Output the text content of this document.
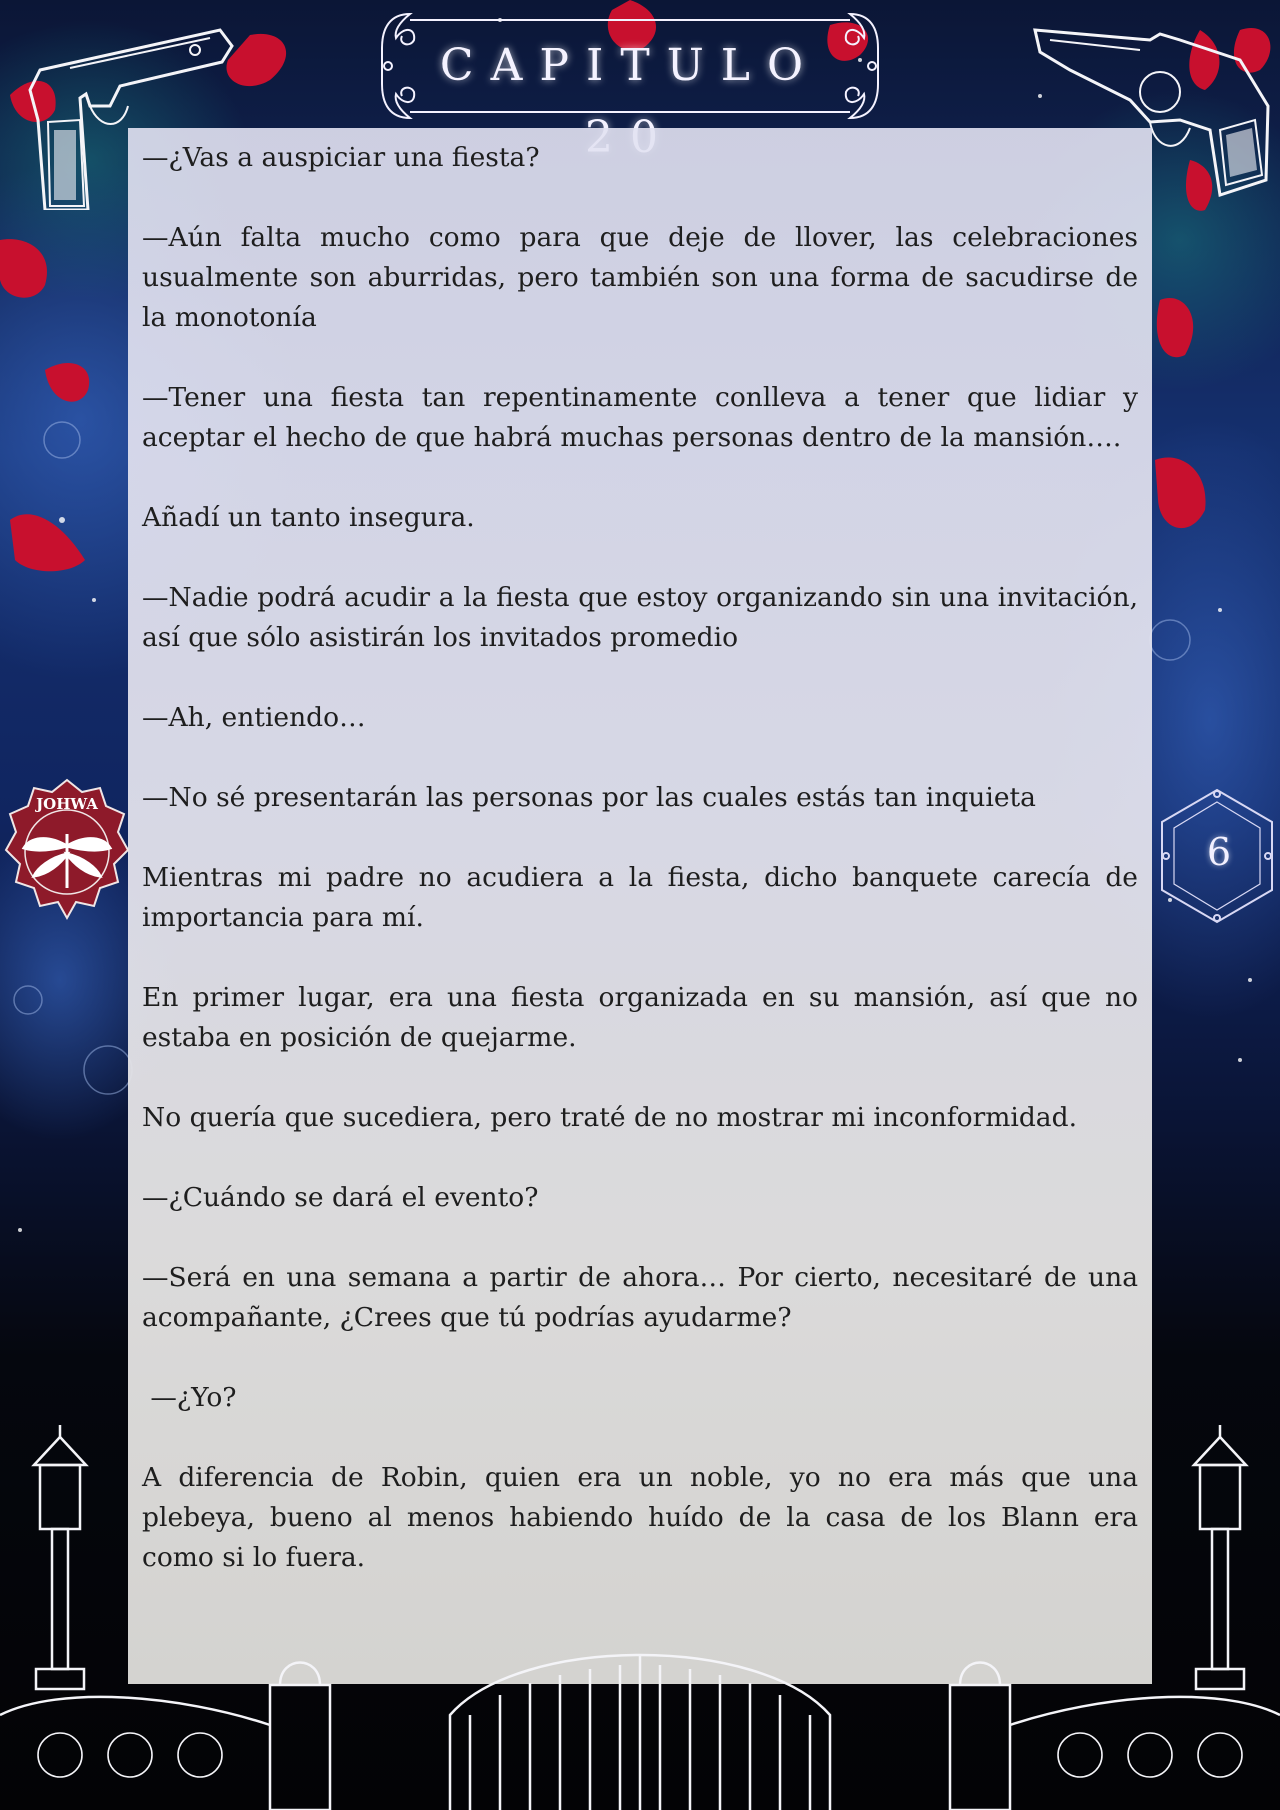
CAPITULO

—¿Vas a auspiciar una fiesta?

—Aún falta mucho como para que deje de llover, las celebraciones usualmente son aburridas, pero también son una forma de sacudirse de la monotonía

—Tener una fiesta tan repentinamente conlleva a tener que lidiar y aceptar el hecho de que habrá muchas personas dentro de la mansión….

Añadí un tanto insegura.

—Nadie podrá acudir a la fiesta que estoy organizando sin una invitación, así que sólo asistirán los invitados promedio

—Ah, entiendo…

—No sé presentarán las personas por las cuales estás tan inquieta

Mientras mi padre no acudiera a la fiesta, dicho banquete carecía de importancia para mí.

En primer lugar, era una fiesta organizada en su mansión, así que no estaba en posición de quejarme.

No quería que sucediera, pero traté de no mostrar mi inconformidad.

—¿Cuándo se dará el evento?

—Será en una semana a partir de ahora… Por cierto, necesitaré de una acompañante, ¿Crees que tú podrías ayudarme?

—¿Yo?

A diferencia de Robin, quien era un noble, yo no era más que una plebeya, bueno al menos habiendo huído de la casa de los Blann era como si lo fuera.

JOHWA
6
